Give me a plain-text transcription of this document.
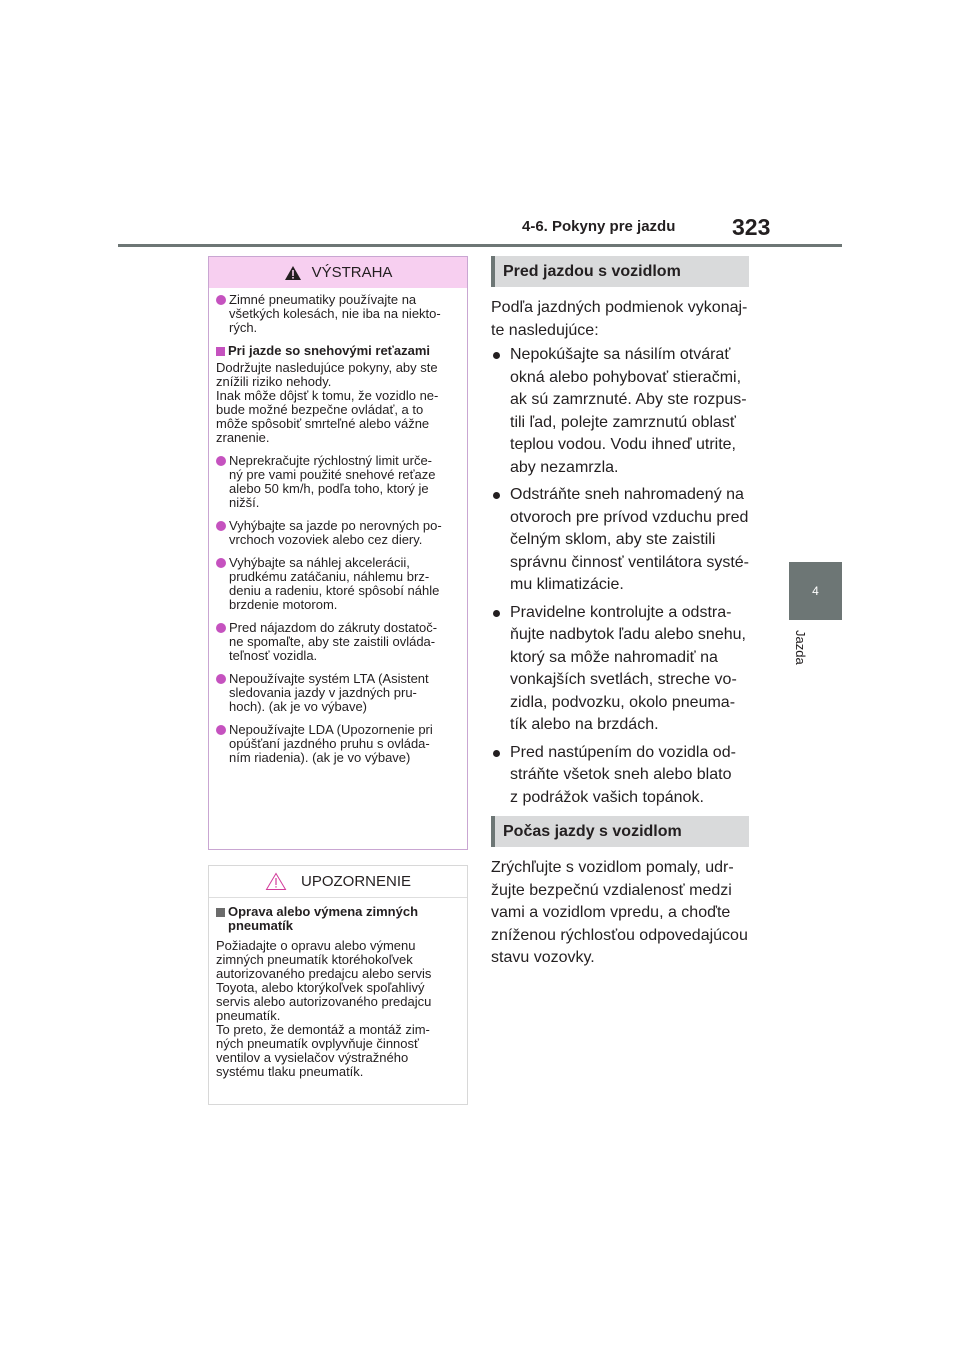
4-6. Pokyny pre jazdu 323
4
Jazda
VÝSTRAHA
Zimné pneumatiky používajte na
všetkých kolesách, nie iba na niekto-
rých.
Pri jazde so snehovými reťazami
Dodržujte nasledujúce pokyny, aby ste
znížili riziko nehody.
Inak môže dôjsť k tomu, že vozidlo ne-
bude možné bezpečne ovládať, a to
môže spôsobiť smrteľné alebo vážne
zranenie.
Neprekračujte rýchlostný limit urče-
ný pre vami použité snehové reťaze
alebo 50 km/h, podľa toho, ktorý je
nižší.
Vyhýbajte sa jazde po nerovných po-
vrchoch vozoviek alebo cez diery.
Vyhýbajte sa náhlej akcelerácii,
prudkému zatáčaniu, náhlemu brz-
deniu a radeniu, ktoré spôsobí náhle
brzdenie motorom.
Pred nájazdom do zákruty dostatoč-
ne spomaľte, aby ste zaistili ovláda-
teľnosť vozidla.
Nepoužívajte systém LTA (Asistent
sledovania jazdy v jazdných pru-
hoch). (ak je vo výbave)
Nepoužívajte LDA (Upozornenie pri
opúšťaní jazdného pruhu s ovláda-
ním riadenia). (ak je vo výbave)
UPOZORNENIE
Oprava alebo výmena zimných
pneumatík
Požiadajte o opravu alebo výmenu
zimných pneumatík ktoréhokoľvek
autorizovaného predajcu alebo servis
Toyota, alebo ktorýkoľvek spoľahlivý
servis alebo autorizovaného predajcu
pneumatík.
To preto, že demontáž a montáž zim-
ných pneumatík ovplyvňuje činnosť
ventilov a vysielačov výstražného
systému tlaku pneumatík.
Pred jazdou s vozidlom
Podľa jazdných podmienok vykonaj-
te nasledujúce:
Nepokúšajte sa násilím otvárať
okná alebo pohybovať stieračmi,
ak sú zamrznuté. Aby ste rozpus-
tili ľad, polejte zamrznutú oblasť
teplou vodou. Vodu ihneď utrite,
aby nezamrzla.
Odstráňte sneh nahromadený na
otvoroch pre prívod vzduchu pred
čelným sklom, aby ste zaistili
správnu činnosť ventilátora systé-
mu klimatizácie.
Pravidelne kontrolujte a odstra-
ňujte nadbytok ľadu alebo snehu,
ktorý sa môže nahromadiť na
vonkajších svetlách, streche vo-
zidla, podvozku, okolo pneuma-
tík alebo na brzdách.
Pred nastúpením do vozidla od-
stráňte všetok sneh alebo blato
z podrážok vašich topánok.
Počas jazdy s vozidlom
Zrýchľujte s vozidlom pomaly, udr-
žujte bezpečnú vzdialenosť medzi
vami a vozidlom vpredu, a choďte
zníženou rýchlosťou odpovedajúcou
stavu vozovky.
